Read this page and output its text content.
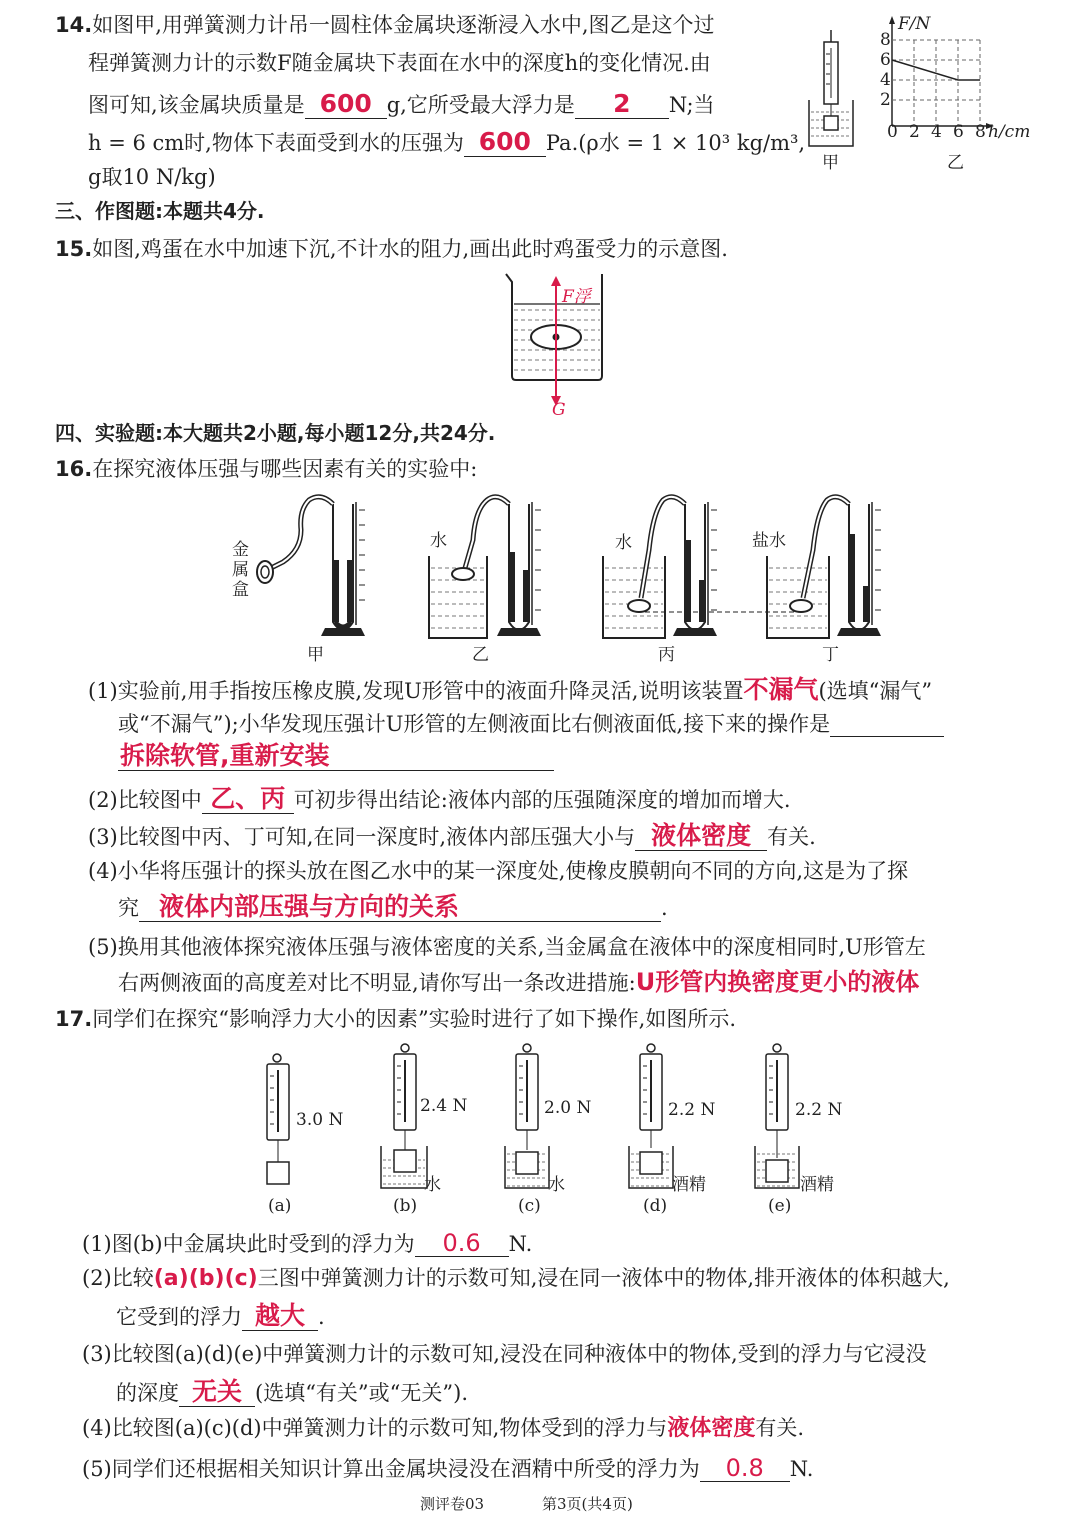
14.如图甲,用弹簧测力计吊一圆柱体金属块逐渐浸入水中,图乙是这个过
程弹簧测力计的示数F随金属块下表面在水中的深度h的变化情况.由
图可知,该金属块质量是 600 g,它所受最大浮力是 2 N;当
h = 6 cm时,物体下表面受到水的压强为 600 Pa.(ρ水 = 1 × 10³ kg/m³,
g取10 N/kg)
甲
F/N
8
6
4
2
0 2 4 6 8 h/cm
乙
三、作图题:本题共4分.
15.如图,鸡蛋在水中加速下沉,不计水的阻力,画出此时鸡蛋受力的示意图.
F浮
G
四、实验题:本大题共2小题,每小题12分,共24分.
16.在探究液体压强与哪些因素有关的实验中:
金属盒
水	水	盐水
甲	乙	丙	丁
(1)实验前,用手指按压橡皮膜,发现U形管中的液面升降灵活,说明该装置不漏气(选填“漏气”
或“不漏气”);小华发现压强计U形管的左侧液面比右侧液面低,接下来的操作是
拆除软管,重新安装
(2)比较图中 乙、丙 可初步得出结论:液体内部的压强随深度的增加而增大.
(3)比较图中丙、丁可知,在同一深度时,液体内部压强大小与 液体密度 有关.
(4)小华将压强计的探头放在图乙水中的某一深度处,使橡皮膜朝向不同的方向,这是为了探
究 液体内部压强与方向的关系	.
(5)换用其他液体探究液体压强与液体密度的关系,当金属盒在液体中的深度相同时,U形管左
右两侧液面的高度差对比不明显,请你写出一条改进措施:U形管内换密度更小的液体
17.同学们在探究“影响浮力大小的因素”实验时进行了如下操作,如图所示.
3.0 N
2.4 N	2.0 N	2.2 N	2.2 N
水	水	酒精	酒精
(a)	(b)	(c)	(d)	(e)
(1)图(b)中金属块此时受到的浮力为 0.6 N.
(2)比较(a)(b)(c)三图中弹簧测力计的示数可知,浸在同一液体中的物体,排开液体的体积越大,
它受到的浮力 越大 .
(3)比较图(a)(d)(e)中弹簧测力计的示数可知,浸没在同种液体中的物体,受到的浮力与它浸没
的深度 无关 (选填“有关”或“无关”).
(4)比较图(a)(c)(d)中弹簧测力计的示数可知,物体受到的浮力与液体密度有关.
(5)同学们还根据相关知识计算出金属块浸没在酒精中所受的浮力为 0.8 N.
测评卷03	第3页(共4页)
